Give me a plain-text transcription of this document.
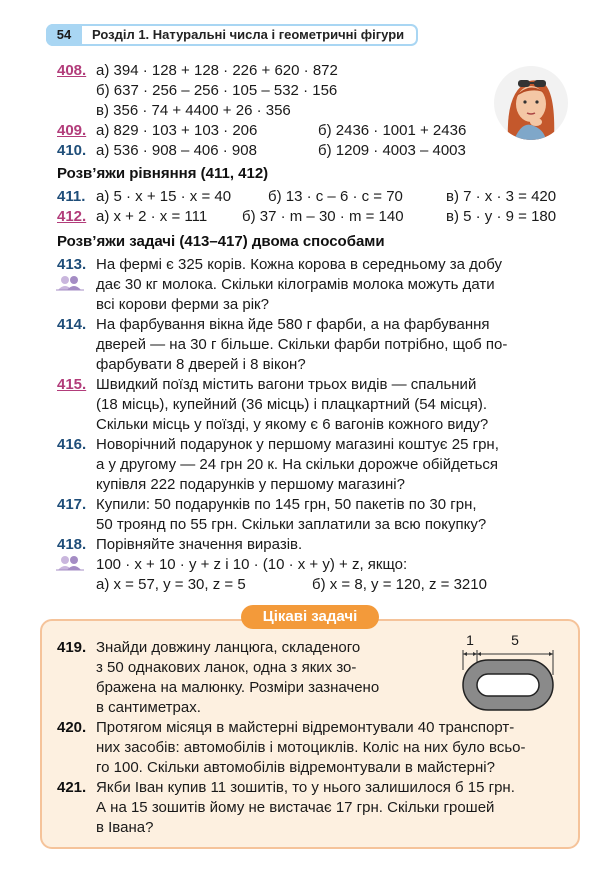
54	Розділ 1. Натуральні числа і геометричні фігури
408. а) 394 · 128 + 128 · 226 + 620 · 872
б) 637 · 256 – 256 · 105 – 532 · 156
в) 356 · 74 + 4400 + 26 · 356
409. а) 829 · 103 + 103 · 206	б) 2436 · 1001 + 2436
410. а) 536 · 908 – 406 · 908	б) 1209 · 4003 – 4003
Розв’яжи рівняння (411, 412)
411. а) 5 · x + 15 · x = 40 б) 13 · c – 6 · c = 70	в) 7 · x · 3 = 420
412. а) x + 2 · x = 111 б) 37 · m – 30 · m = 140	в) 5 · y · 9 = 180
Розв’яжи задачі (413–417) двома способами
413. На фермі є 325 корів. Кожна корова в середньому за добу
дає 30 кг молока. Скільки кілограмів молока можуть дати
всі корови ферми за рік?
414. На фарбування вікна йде 580 г фарби, а на фарбування
дверей — на 30 г більше. Скільки фарби потрібно, щоб по-
фарбувати 8 дверей і 8 вікон?
415. Швидкий поїзд містить вагони трьох видів — спальний
(18 місць), купейний (36 місць) і плацкартний (54 місця).
Скільки місць у поїзді, у якому є 6 вагонів кожного виду?
416. Новорічний подарунок у першому магазині коштує 25 грн,
а у другому — 24 грн 20 к. На скільки дорожче обійдеться
купівля 222 подарунків у першому магазині?
417. Купили: 50 подарунків по 145 грн, 50 пакетів по 30 грн,
50 троянд по 55 грн. Скільки заплатили за всю покупку?
418. Порівняйте значення виразів.
100 · x + 10 · y + z і 10 · (10 · x + y) + z, якщо:
а) x = 57, y = 30, z = 5	б) x = 8, y = 120, z = 3210
Цікаві задачі
419. Знайди довжину ланцюга, складеного
з 50 однакових ланок, одна з яких зо-
бражена на малюнку. Розміри зазначено
в сантиметрах.
1	5
420. Протягом місяця в майстерні відремонтували 40 транспорт-
них засобів: автомобілів і мотоциклів. Коліс на них було всьо-
го 100. Скільки автомобілів відремонтували в майстерні?
421. Якби Іван купив 11 зошитів, то у нього залишилося б 15 грн.
А на 15 зошитів йому не вистачає 17 грн. Скільки грошей
в Івана?
